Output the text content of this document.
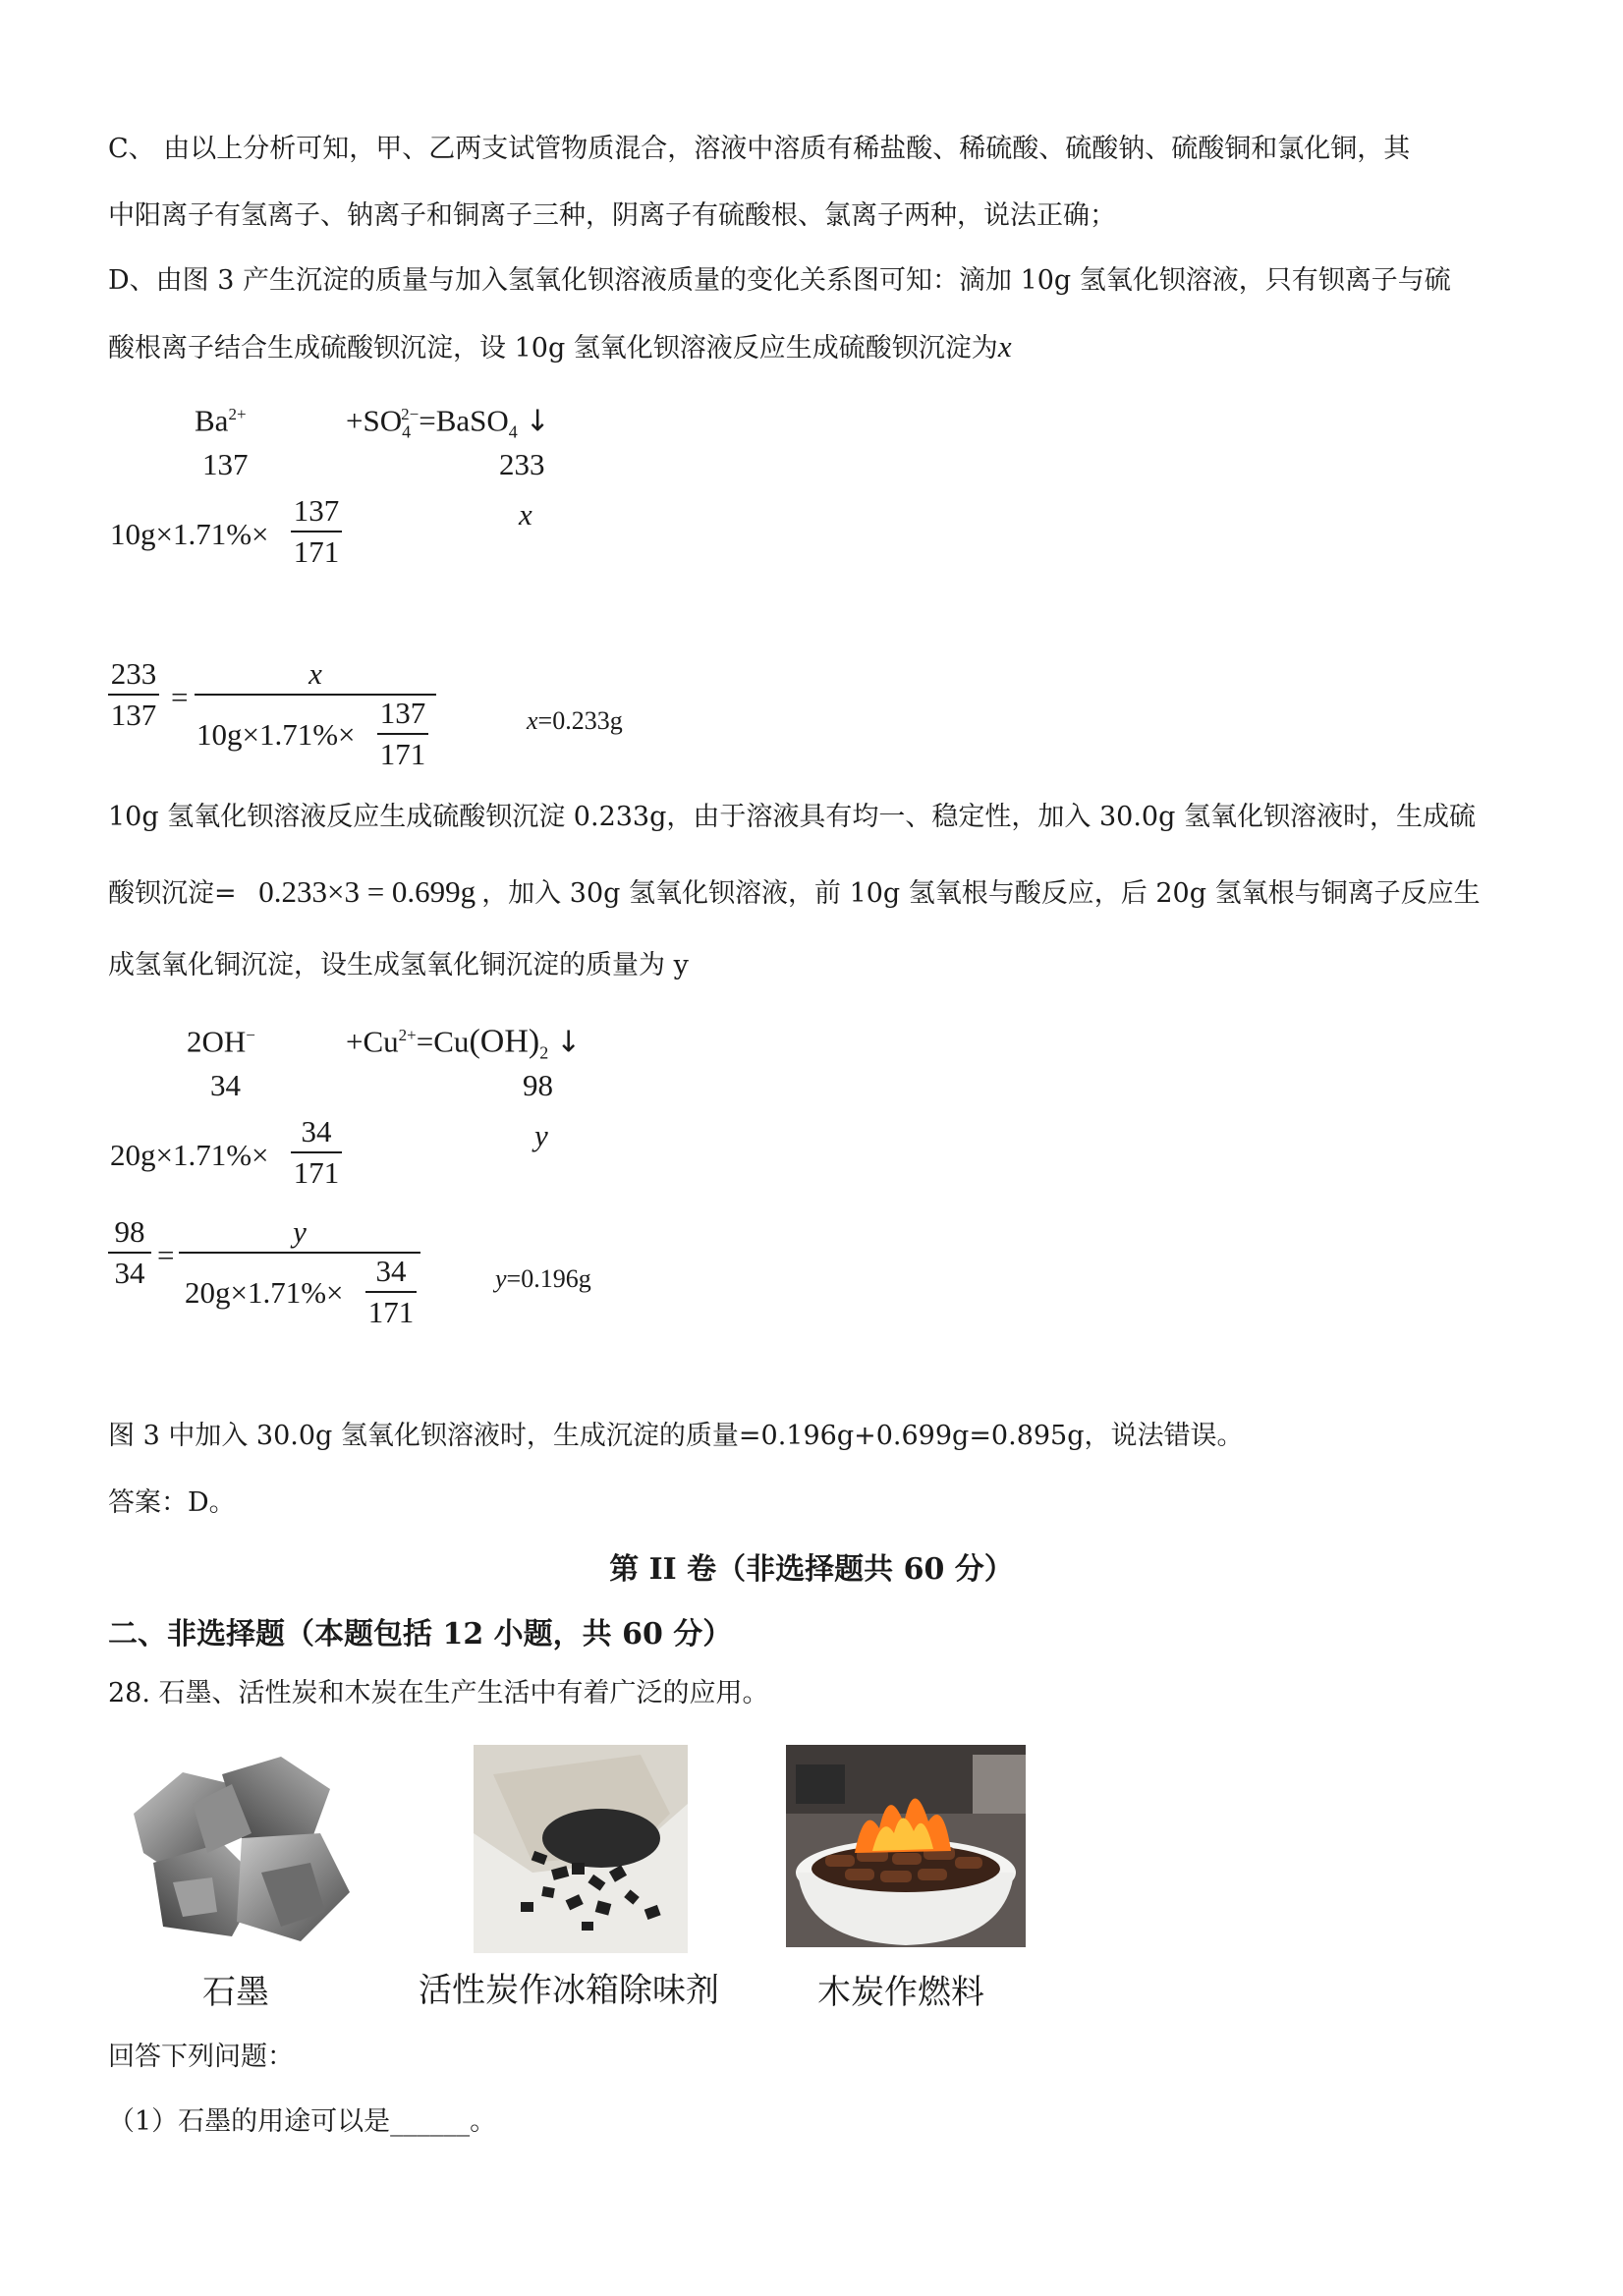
C、 由以上分析可知，甲、乙两支试管物质混合，溶液中溶质有稀盐酸、稀硫酸、硫酸钠、硫酸铜和氯化铜，其
中阳离子有氢离子、钠离子和铜离子三种，阴离子有硫酸根、氯离子两种，说法正确；
D、由图 3 产生沉淀的质量与加入氢氧化钡溶液质量的变化关系图可知：滴加 10g 氢氧化钡溶液，只有钡离子与硫
酸根离子结合生成硫酸钡沉淀，设 10g 氢氧化钡溶液反应生成硫酸钡沉淀为x
$Ba^{2+}$	$+SO_4^{2-}=BaSO_4$ ↓
137	233
10g×1.71%×
137
171
x
233
137
=
x
10g×1.71%×
137
171
x=0.233g
10g 氢氧化钡溶液反应生成硫酸钡沉淀 0.233g，由于溶液具有均一、稳定性，加入 30.0g 氢氧化钡溶液时，生成硫
酸钡沉淀= 0.233×3 = 0.699g ，加入 30g 氢氧化钡溶液，前 10g 氢氧根与酸反应，后 20g 氢氧根与铜离子反应生
成氢氧化铜沉淀，设生成氢氧化铜沉淀的质量为 y
2OH−	$+Cu^{2+}=Cu(OH)_2$ ↓
34	98
20g×1.71%×
34
171
y
98
34
=
y
20g×1.71%×
34
171
y=0.196g
图 3 中加入 30.0g 氢氧化钡溶液时，生成沉淀的质量=0.196g+0.699g=0.895g，说法错误。
答案：D。
第 II 卷（非选择题共 60 分）
二、非选择题（本题包括 12 小题，共 60 分）
28. 石墨、活性炭和木炭在生产生活中有着广泛的应用。
石墨	活性炭作冰箱除味剂	木炭作燃料
回答下列问题：
（1）石墨的用途可以是______。
